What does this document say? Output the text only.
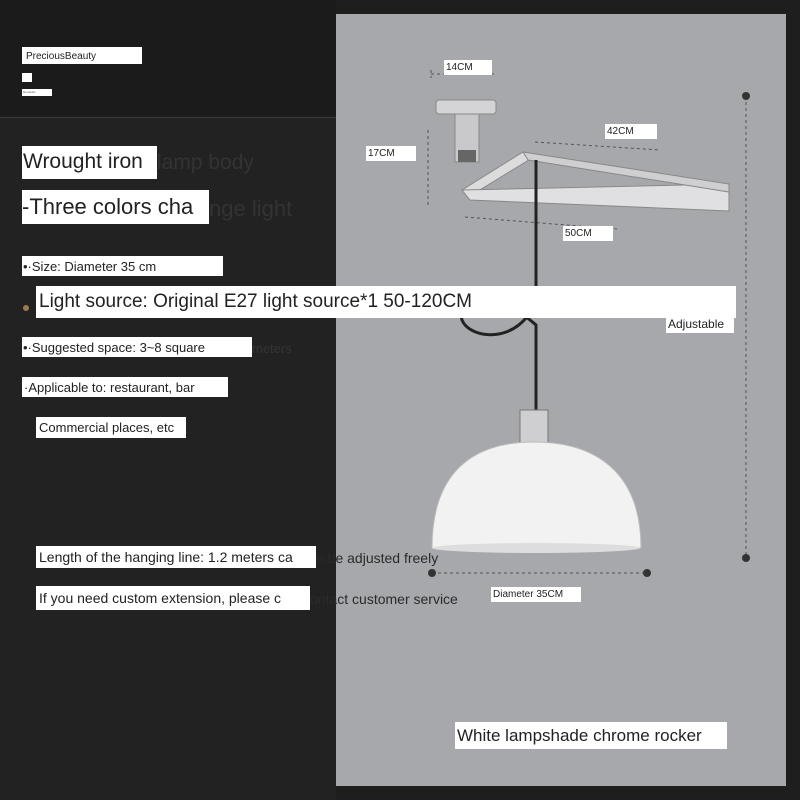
PreciousBeauty
Romantic
Wrought iron lamp body
-Three colors cha nge light
•·Size: Diameter 35 cm
Light source: Original E27 light source*1 50-120CM
•·Suggested space: 3~8 square	meters
·Applicable to: restaurant, bar
Commercial places, etc .
Length of the hanging line: 1.2 meters ca	n be adjusted freely
If you need custom extension, please c	ontact customer service
14CM
42CM
17CM
50CM
Diameter 35CM
Adjustable
White lampshade chrome rocker
